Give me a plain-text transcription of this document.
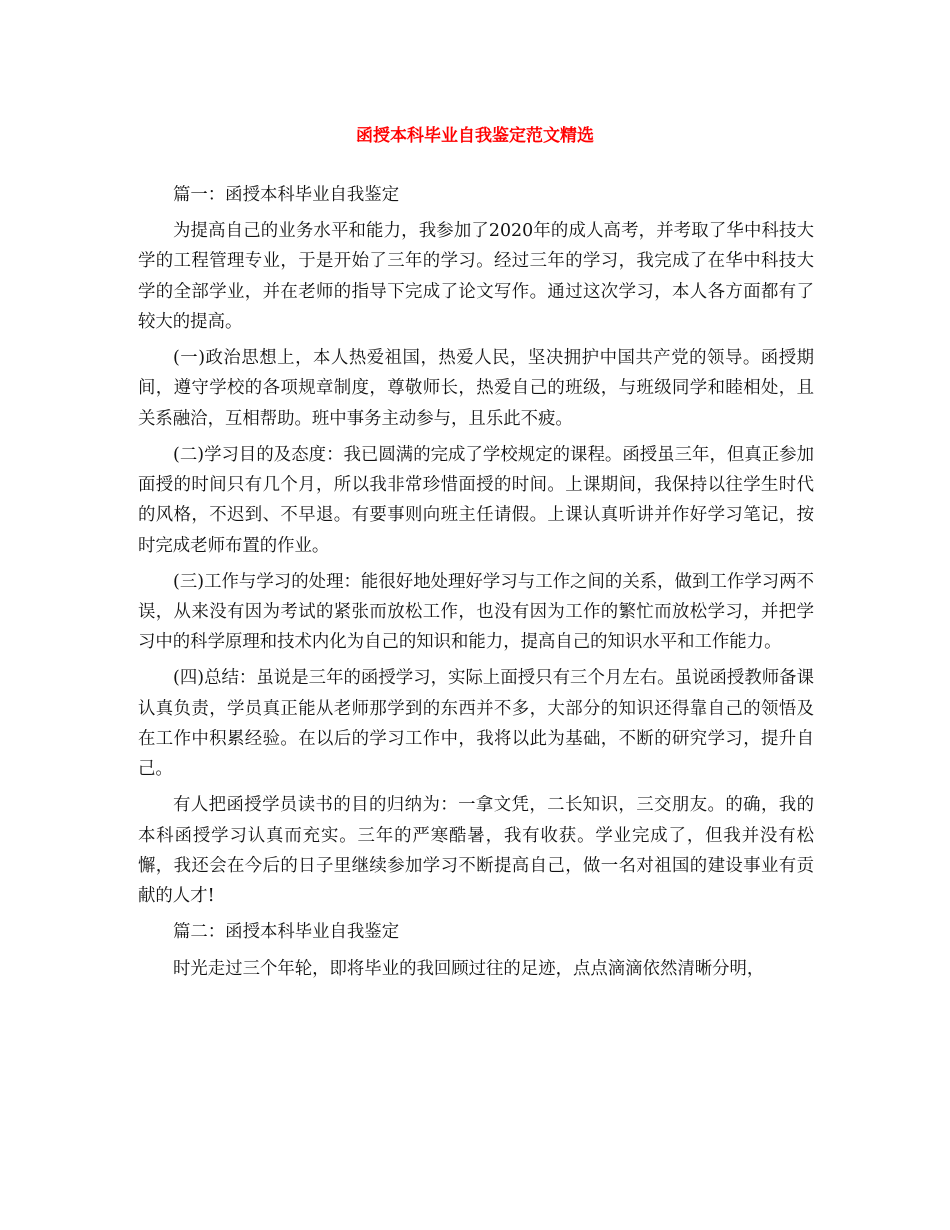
函授本科毕业自我鉴定范文精选

篇一：函授本科毕业自我鉴定

为提高自己的业务水平和能力，我参加了2020年的成人高考，并考取了华中科技大学的工程管理专业，于是开始了三年的学习。经过三年的学习，我完成了在华中科技大学的全部学业，并在老师的指导下完成了论文写作。通过这次学习，本人各方面都有了较大的提高。

(一)政治思想上，本人热爱祖国，热爱人民，坚决拥护中国共产党的领导。函授期间，遵守学校的各项规章制度，尊敬师长，热爱自己的班级，与班级同学和睦相处，且关系融洽，互相帮助。班中事务主动参与，且乐此不疲。

(二)学习目的及态度：我已圆满的完成了学校规定的课程。函授虽三年，但真正参加面授的时间只有几个月，所以我非常珍惜面授的时间。上课期间，我保持以往学生时代的风格，不迟到、不早退。有要事则向班主任请假。上课认真听讲并作好学习笔记，按时完成老师布置的作业。

(三)工作与学习的处理：能很好地处理好学习与工作之间的关系，做到工作学习两不误，从来没有因为考试的紧张而放松工作，也没有因为工作的繁忙而放松学习，并把学习中的科学原理和技术内化为自己的知识和能力，提高自己的知识水平和工作能力。

(四)总结：虽说是三年的函授学习，实际上面授只有三个月左右。虽说函授教师备课认真负责，学员真正能从老师那学到的东西并不多，大部分的知识还得靠自己的领悟及在工作中积累经验。在以后的学习工作中，我将以此为基础，不断的研究学习，提升自己。

有人把函授学员读书的目的归纳为：一拿文凭，二长知识，三交朋友。的确，我的本科函授学习认真而充实。三年的严寒酷暑，我有收获。学业完成了，但我并没有松懈，我还会在今后的日子里继续参加学习不断提高自己，做一名对祖国的建设事业有贡献的人才!

篇二：函授本科毕业自我鉴定

时光走过三个年轮，即将毕业的我回顾过往的足迹，点点滴滴依然清晰分明，
